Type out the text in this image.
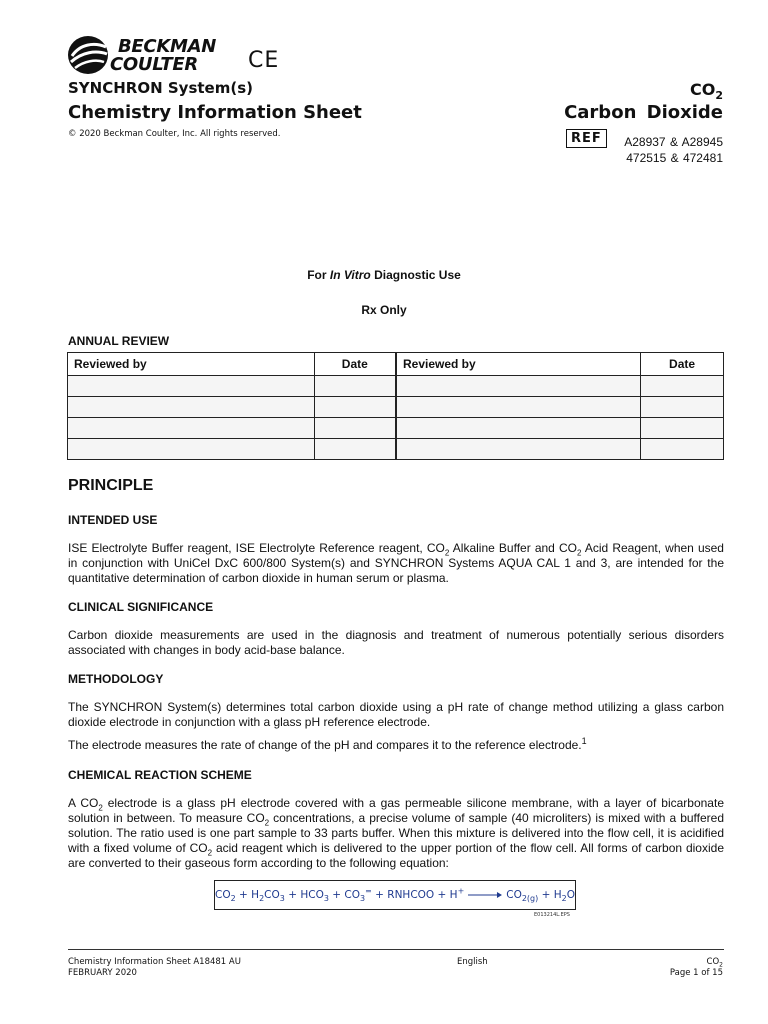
BECKMAN
COULTER CE
SYNCHRON System(s)
Chemistry Information Sheet
© 2020 Beckman Coulter, Inc. All rights reserved.
$CO_2$
Carbon Dioxide
REF	A28937 & A28945
472515 & 472481
For In Vitro Diagnostic Use
Rx Only
ANNUAL REVIEW
Reviewed by	Date	Reviewed by	Date

PRINCIPLE
INTENDED USE
ISE Electrolyte Buffer reagent, ISE Electrolyte Reference reagent, $CO_2$ Alkaline Buffer and $CO_2$ Acid Reagent, when used in conjunction with UniCel DxC 600/800 System(s) and SYNCHRON Systems AQUA CAL 1 and 3, are intended for the quantitative determination of carbon dioxide in human serum or plasma.
CLINICAL SIGNIFICANCE
Carbon dioxide measurements are used in the diagnosis and treatment of numerous potentially serious disorders associated with changes in body acid-base balance.
METHODOLOGY
The SYNCHRON System(s) determines total carbon dioxide using a pH rate of change method utilizing a glass carbon dioxide electrode in conjunction with a glass pH reference electrode.
The electrode measures the rate of change of the pH and compares it to the reference electrode.$^1$
CHEMICAL REACTION SCHEME
A $CO_2$ electrode is a glass pH electrode covered with a gas permeable silicone membrane, with a layer of bicarbonate solution in between. To measure $CO_2$ concentrations, a precise volume of sample (40 microliters) is mixed with a buffered solution. The ratio used is one part sample to 33 parts buffer. When this mixture is delivered into the flow cell, it is acidified with a fixed volume of $CO_2$ acid reagent which is delivered to the upper portion of the flow cell. All forms of carbon dioxide are converted to their gaseous form according to the following equation:
$CO_2 + H_2CO_3 + HCO_3 + CO_3^=$ + RNHCOO + $H^+ \to CO_{2(g)} + H_2O$
E013214L.EPS
Chemistry Information Sheet A18481 AU
FEBRUARY 2020
English	$CO_2$
Page 1 of 15
